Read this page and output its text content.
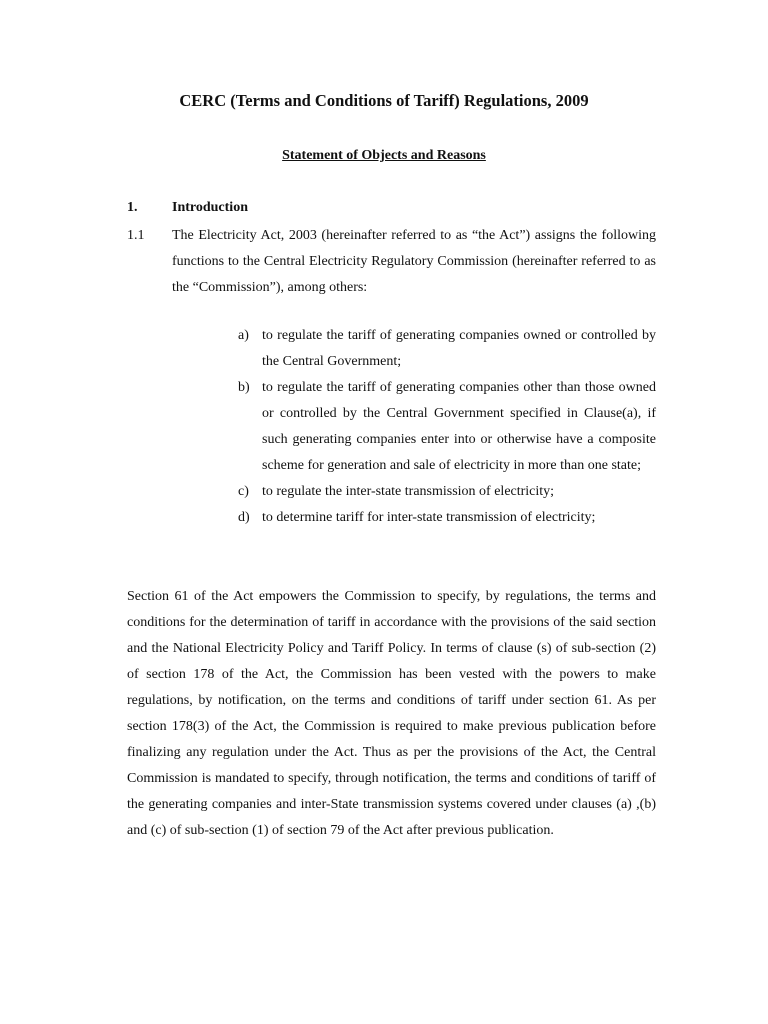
CERC (Terms and Conditions of Tariff) Regulations, 2009
Statement of Objects and Reasons
1.	Introduction
1.1	The Electricity Act, 2003 (hereinafter referred to as “the Act”) assigns the following functions to the Central Electricity Regulatory Commission (hereinafter referred to as the “Commission”), among others:
a) to regulate the tariff of generating companies owned or controlled by the Central Government;
b) to regulate the tariff of generating companies other than those owned or controlled by the Central Government specified in Clause(a), if such generating companies enter into or otherwise have a composite scheme for generation and sale of electricity in more than one state;
c) to regulate the inter-state transmission of electricity;
d) to determine tariff for inter-state transmission of electricity;
Section 61 of the Act empowers the Commission to specify, by regulations, the terms and conditions for the determination of tariff in accordance with the provisions of the said section and the National Electricity Policy and Tariff Policy. In terms of clause (s) of sub-section (2) of section 178 of the Act, the Commission has been vested with the powers to make regulations, by notification, on the terms and conditions of tariff under section 61. As per section 178(3) of the Act, the Commission is required to make previous publication before finalizing any regulation under the Act. Thus as per the provisions of the Act, the Central Commission is mandated to specify, through notification, the terms and conditions of tariff of the generating companies and inter-State transmission systems covered under clauses (a) ,(b) and (c) of sub-section (1) of section 79 of the Act after previous publication.
